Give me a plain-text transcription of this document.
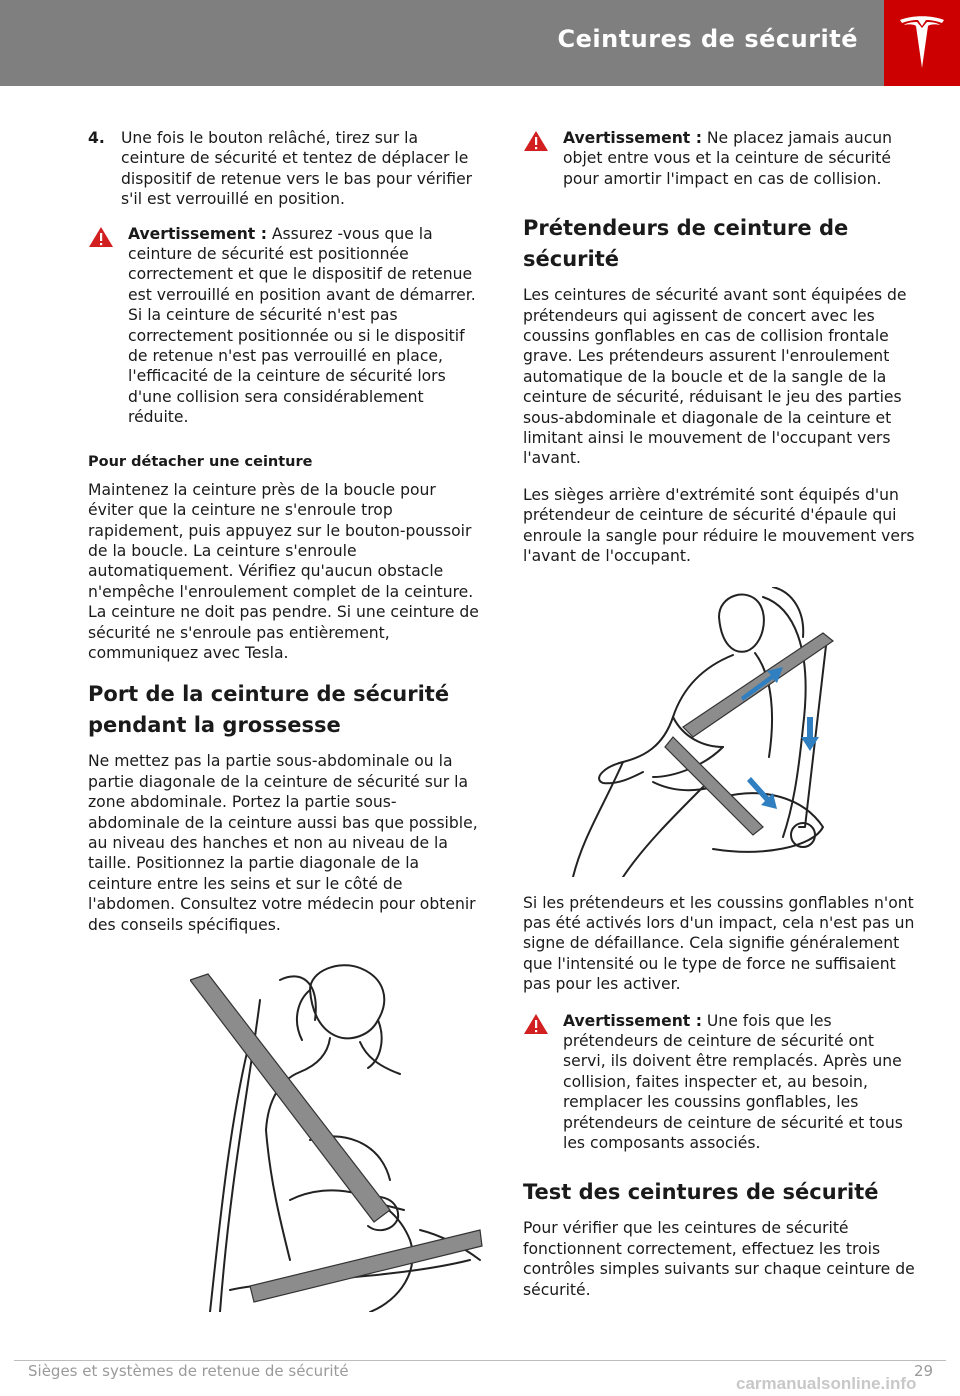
Ceintures de sécurité
4.	Une fois le bouton relâché, tirez sur la ceinture de sécurité et tentez de déplacer le dispositif de retenue vers le bas pour vérifier s'il est verrouillé en position.
Avertissement : Assurez -vous que la ceinture de sécurité est positionnée correctement et que le dispositif de retenue est verrouillé en position avant de démarrer. Si la ceinture de sécurité n'est pas correctement positionnée ou si le dispositif de retenue n'est pas verrouillé en place, l'efficacité de la ceinture de sécurité lors d'une collision sera considérablement réduite.
Pour détacher une ceinture

Maintenez la ceinture près de la boucle pour éviter que la ceinture ne s'enroule trop rapidement, puis appuyez sur le bouton-poussoir de la boucle. La ceinture s'enroule automatiquement. Vérifiez qu'aucun obstacle n'empêche l'enroulement complet de la ceinture. La ceinture ne doit pas pendre. Si une ceinture de sécurité ne s'enroule pas entièrement, communiquez avec Tesla.

Port de la ceinture de sécurité pendant la grossesse

Ne mettez pas la partie sous-abdominale ou la partie diagonale de la ceinture de sécurité sur la zone abdominale. Portez la partie sous-abdominale de la ceinture aussi bas que possible, au niveau des hanches et non au niveau de la taille. Positionnez la partie diagonale de la ceinture entre les seins et sur le côté de l'abdomen. Consultez votre médecin pour obtenir des conseils spécifiques.

Avertissement : Ne placez jamais aucun objet entre vous et la ceinture de sécurité pour amortir l'impact en cas de collision.
Prétendeurs de ceinture de sécurité

Les ceintures de sécurité avant sont équipées de prétendeurs qui agissent de concert avec les coussins gonflables en cas de collision frontale grave. Les prétendeurs assurent l'enroulement automatique de la boucle et de la sangle de la ceinture de sécurité, réduisant le jeu des parties sous-abdominale et diagonale de la ceinture et limitant ainsi le mouvement de l'occupant vers l'avant.

Les sièges arrière d'extrémité sont équipés d'un prétendeur de ceinture de sécurité d'épaule qui enroule la sangle pour réduire le mouvement vers l'avant de l'occupant.

Si les prétendeurs et les coussins gonflables n'ont pas été activés lors d'un impact, cela n'est pas un signe de défaillance. Cela signifie généralement que l'intensité ou le type de force ne suffisaient pas pour les activer.

Avertissement : Une fois que les prétendeurs de ceinture de sécurité ont servi, ils doivent être remplacés. Après une collision, faites inspecter et, au besoin, remplacer les coussins gonflables, les prétendeurs de ceinture de sécurité et tous les composants associés.
Test des ceintures de sécurité

Pour vérifier que les ceintures de sécurité fonctionnent correctement, effectuez les trois contrôles simples suivants sur chaque ceinture de sécurité.

Sièges et systèmes de retenue de sécurité	29
carmanualsonline.info
